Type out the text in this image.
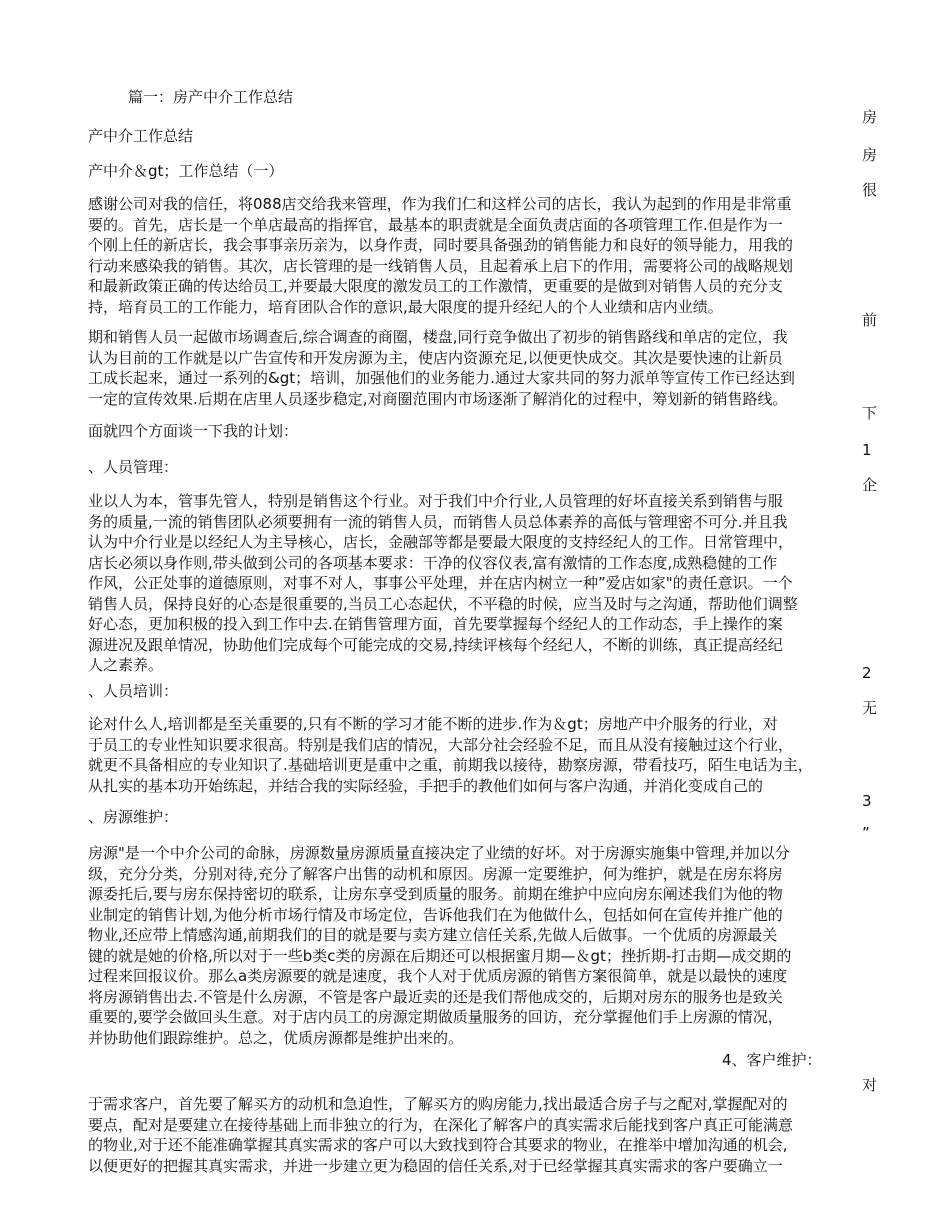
篇一：房产中介工作总结
产中介工作总结
产中介＆gt；工作总结（一）
感谢公司对我的信任，将088店交给我来管理，作为我们仁和这样公司的店长，我认为起到的作用是非常重
要的。首先，店长是一个单店最高的指挥官，最基本的职责就是全面负责店面的各项管理工作.但是作为一
个刚上任的新店长，我会事事亲历亲为，以身作责，同时要具备强劲的销售能力和良好的领导能力，用我的
行动来感染我的销售。其次，店长管理的是一线销售人员，且起着承上启下的作用，需要将公司的战略规划
和最新政策正确的传达给员工,并要最大限度的激发员工的工作激情，更重要的是做到对销售人员的充分支
持，培育员工的工作能力，培育团队合作的意识,最大限度的提升经纪人的个人业绩和店内业绩。
期和销售人员一起做市场调查后,综合调查的商圈，楼盘,同行竞争做出了初步的销售路线和单店的定位，我
认为目前的工作就是以广告宣传和开发房源为主，使店内资源充足,以便更快成交。其次是要快速的让新员
工成长起来，通过一系列的&gt；培训，加强他们的业务能力.通过大家共同的努力派单等宣传工作已经达到
一定的宣传效果.后期在店里人员逐步稳定,对商圈范围内市场逐渐了解消化的过程中，筹划新的销售路线。
面就四个方面谈一下我的计划：
、人员管理：
业以人为本，管事先管人，特别是销售这个行业。对于我们中介行业,人员管理的好坏直接关系到销售与服
务的质量,一流的销售团队必须要拥有一流的销售人员，而销售人员总体素养的高低与管理密不可分.并且我
认为中介行业是以经纪人为主导核心，店长，金融部等都是要最大限度的支持经纪人的工作。日常管理中，
店长必须以身作则,带头做到公司的各项基本要求：干净的仪容仪表,富有激情的工作态度,成熟稳健的工作
作风，公正处事的道德原则，对事不对人，事事公平处理，并在店内树立一种”爱店如家"的责任意识。一个
销售人员，保持良好的心态是很重要的,当员工心态起伏，不平稳的时候，应当及时与之沟通，帮助他们调整
好心态，更加积极的投入到工作中去.在销售管理方面，首先要掌握每个经纪人的工作动态，手上操作的案
源进况及跟单情况，协助他们完成每个可能完成的交易,持续评核每个经纪人，不断的训练，真正提高经纪
人之素养。
、人员培训：
论对什么人,培训都是至关重要的,只有不断的学习才能不断的进步.作为＆gt；房地产中介服务的行业，对
于员工的专业性知识要求很高。特别是我们店的情况，大部分社会经验不足，而且从没有接触过这个行业，
就更不具备相应的专业知识了.基础培训更是重中之重，前期我以接待，勘察房源，带看技巧，陌生电话为主，
从扎实的基本功开始练起，并结合我的实际经验，手把手的教他们如何与客户沟通，并消化变成自己的
、房源维护：
房源"是一个中介公司的命脉，房源数量房源质量直接决定了业绩的好坏。对于房源实施集中管理,并加以分
级，充分分类，分别对待,充分了解客户出售的动机和原因。房源一定要维护，何为维护，就是在房东将房
源委托后,要与房东保持密切的联系，让房东享受到质量的服务。前期在维护中应向房东阐述我们为他的物
业制定的销售计划,为他分析市场行情及市场定位，告诉他我们在为他做什么，包括如何在宣传并推广他的
物业,还应带上情感沟通,前期我们的目的就是要与卖方建立信任关系,先做人后做事。一个优质的房源最关
键的就是她的价格,所以对于一些b类c类的房源在后期还可以根据蜜月期—＆gt；挫折期-打击期—成交期的
过程来回报议价。那么a类房源要的就是速度，我个人对于优质房源的销售方案很简单，就是以最快的速度
将房源销售出去.不管是什么房源，不管是客户最近卖的还是我们帮他成交的，后期对房东的服务也是致关
重要的,要学会做回头生意。对于店内员工的房源定期做质量服务的回访，充分掌握他们手上房源的情况，
并协助他们跟踪维护。总之，优质房源都是维护出来的。
4、客户维护：
于需求客户，首先要了解买方的动机和急迫性，了解买方的购房能力,找出最适合房子与之配对,掌握配对的
要点，配对是要建立在接待基础上而非独立的行为，在深化了解客户的真实需求后能找到客户真正可能满意
的物业,对于还不能准确掌握其真实需求的客户可以大致找到符合其要求的物业，在推举中增加沟通的机会,
以便更好的把握其真实需求，并进一步建立更为稳固的信任关系,对于已经掌握其真实需求的客户要确立一
房
房
很
前
下
1
企
2
无
3
”
对
